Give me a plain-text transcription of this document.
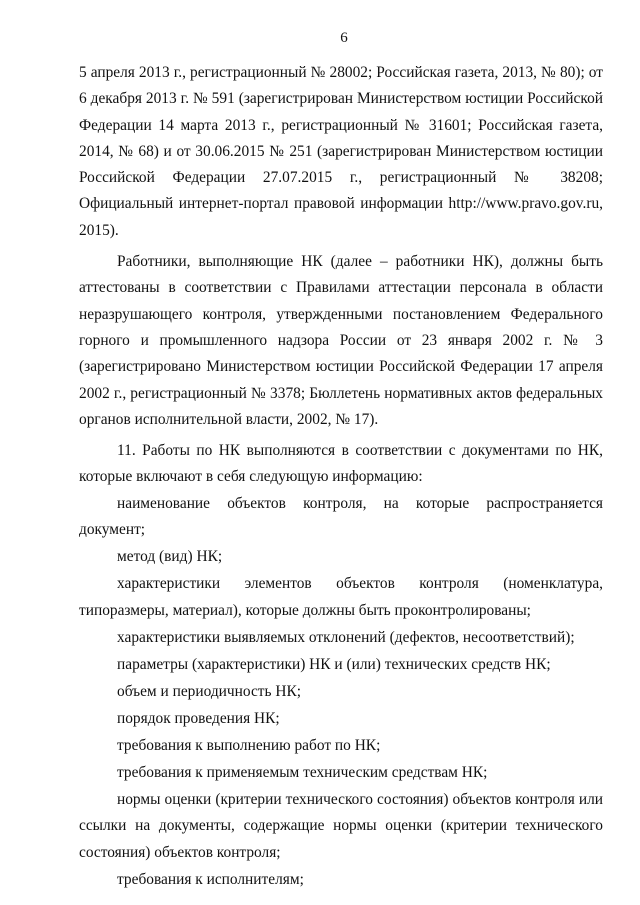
6

5 апреля 2013 г., регистрационный № 28002; Российская газета, 2013, № 80); от 6 декабря 2013 г. № 591 (зарегистрирован Министерством юстиции Российской Федерации 14 марта 2013 г., регистрационный № 31601; Российская газета, 2014, № 68) и от 30.06.2015 № 251 (зарегистрирован Министерством юстиции Российской Федерации 27.07.2015 г., регистрационный № 38208; Официальный интернет-портал правовой информации http://www.pravo.gov.ru, 2015).

Работники, выполняющие НК (далее – работники НК), должны быть аттестованы в соответствии с Правилами аттестации персонала в области неразрушающего контроля, утвержденными постановлением Федерального горного и промышленного надзора России от 23 января 2002 г. № 3 (зарегистрировано Министерством юстиции Российской Федерации 17 апреля 2002 г., регистрационный № 3378; Бюллетень нормативных актов федеральных органов исполнительной власти, 2002, № 17).

11. Работы по НК выполняются в соответствии с документами по НК, которые включают в себя следующую информацию:

наименование объектов контроля, на которые распространяется документ;

метод (вид) НК;

характеристики элементов объектов контроля (номенклатура, типоразмеры, материал), которые должны быть проконтролированы;

характеристики выявляемых отклонений (дефектов, несоответствий);

параметры (характеристики) НК и (или) технических средств НК;

объем и периодичность НК;

порядок проведения НК;

требования к выполнению работ по НК;

требования к применяемым техническим средствам НК;

нормы оценки (критерии технического состояния) объектов контроля или ссылки на документы, содержащие нормы оценки (критерии технического состояния) объектов контроля;

требования к исполнителям;
